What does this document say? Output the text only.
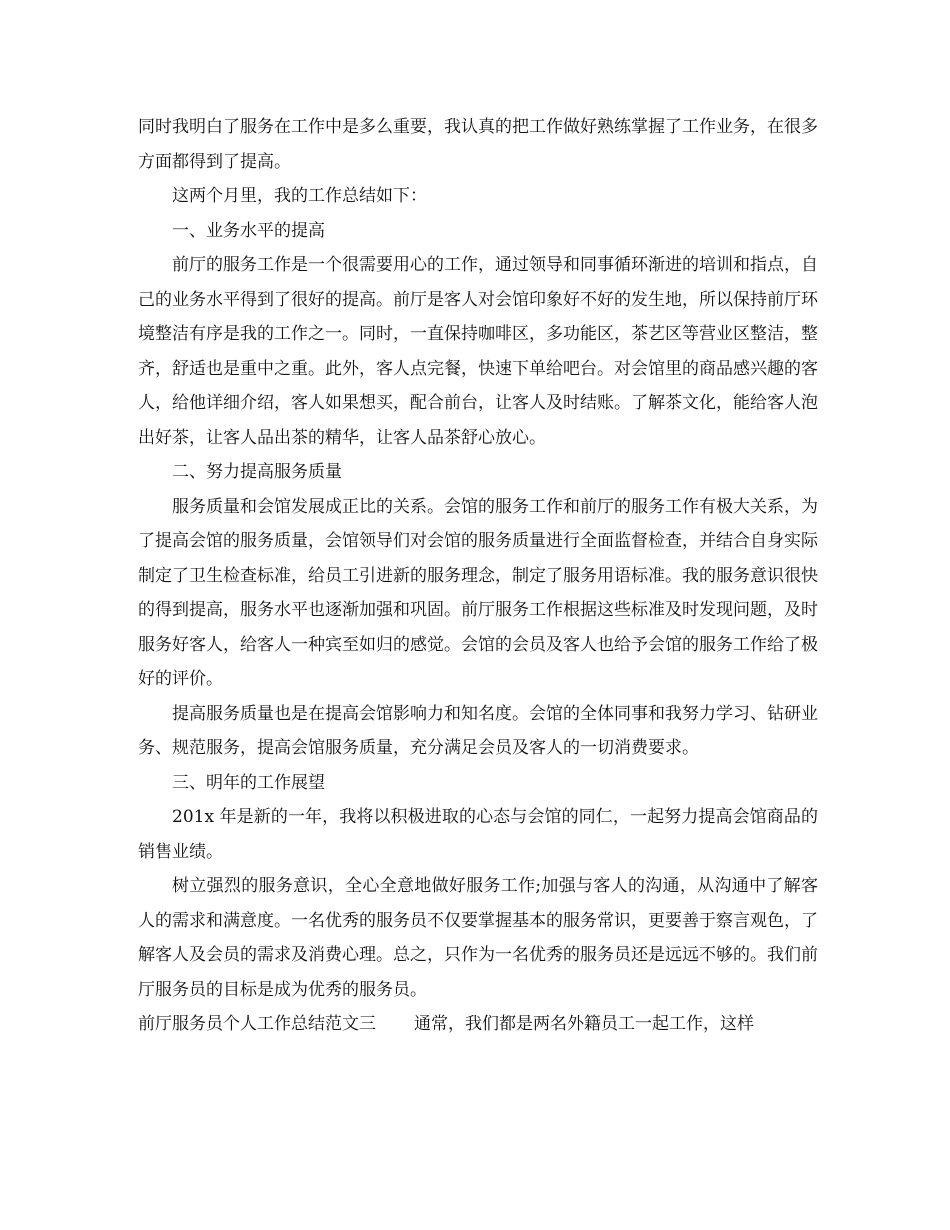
同时我明白了服务在工作中是多么重要，我认真的把工作做好熟练掌握了工作业务，在很多方面都得到了提高。

这两个月里，我的工作总结如下：

一、业务水平的提高

前厅的服务工作是一个很需要用心的工作，通过领导和同事循环渐进的培训和指点，自己的业务水平得到了很好的提高。前厅是客人对会馆印象好不好的发生地，所以保持前厅环境整洁有序是我的工作之一。同时，一直保持咖啡区，多功能区，茶艺区等营业区整洁，整齐，舒适也是重中之重。此外，客人点完餐，快速下单给吧台。对会馆里的商品感兴趣的客人，给他详细介绍，客人如果想买，配合前台，让客人及时结账。了解茶文化，能给客人泡出好茶，让客人品出茶的精华，让客人品茶舒心放心。

二、努力提高服务质量

服务质量和会馆发展成正比的关系。会馆的服务工作和前厅的服务工作有极大关系，为了提高会馆的服务质量，会馆领导们对会馆的服务质量进行全面监督检查，并结合自身实际制定了卫生检查标准，给员工引进新的服务理念，制定了服务用语标准。我的服务意识很快的得到提高，服务水平也逐渐加强和巩固。前厅服务工作根据这些标准及时发现问题，及时服务好客人，给客人一种宾至如归的感觉。会馆的会员及客人也给予会馆的服务工作给了极好的评价。

提高服务质量也是在提高会馆影响力和知名度。会馆的全体同事和我努力学习、钻研业务、规范服务，提高会馆服务质量，充分满足会员及客人的一切消费要求。

三、明年的工作展望

201x 年是新的一年，我将以积极进取的心态与会馆的同仁，一起努力提高会馆商品的销售业绩。

树立强烈的服务意识，全心全意地做好服务工作;加强与客人的沟通，从沟通中了解客人的需求和满意度。一名优秀的服务员不仅要掌握基本的服务常识，更要善于察言观色，了解客人及会员的需求及消费心理。总之，只作为一名优秀的服务员还是远远不够的。我们前厅服务员的目标是成为优秀的服务员。

前厅服务员个人工作总结范文三 通常，我们都是两名外籍员工一起工作，这样
